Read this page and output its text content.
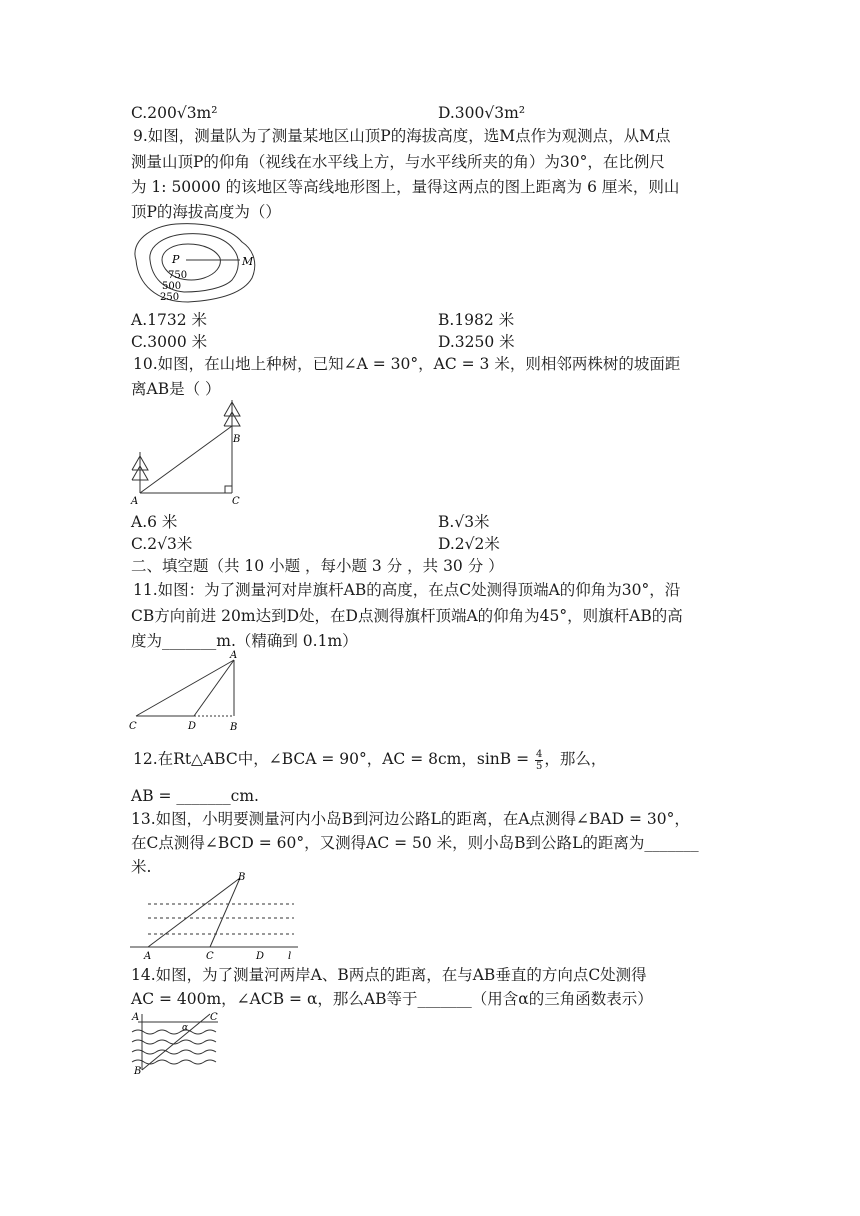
C.200√3m²	D.300√3m²
9.如图，测量队为了测量某地区山顶P的海拔高度，选M点作为观测点，从M点
测量山顶P的仰角（视线在水平线上方，与水平线所夹的角）为30°，在比例尺
为 1: 50000 的该地区等高线地形图上，量得这两点的图上距离为 6 厘米，则山
顶P的海拔高度为（）
P	M
750
500
250
A.1732 米	B.1982 米
C.3000 米	D.3250 米
10.如图，在山地上种树，已知∠A = 30°，AC = 3 米，则相邻两株树的坡面距
离AB是（ ）
A
B
C
A.6 米	B.√3米
C.2√3米	D.2√2米
二、填空题（共 10 小题 ，每小题 3 分 ，共 30 分 ）
11.如图：为了测量河对岸旗杆AB的高度，在点C处测得顶端A的仰角为30°，沿
CB方向前进 20m达到D处，在D点测得旗杆顶端A的仰角为45°，则旗杆AB的高
度为_______m.（精确到 0.1m）
A
B
C	D
12.在Rt△ABC中，∠BCA = 90°，AC = 8cm，$\sin B = \frac{4}{5}$ ，那么，
AB = _______cm.
13.如图，小明要测量河内小岛B到河边公路L的距离，在A点测得∠BAD = 30°，
在C点测得∠BCD = 60°，又测得AC = 50 米，则小岛B到公路L的距离为_______
米.
B
A	C	D l
14.如图，为了测量河两岸A、B两点的距离，在与AB垂直的方向点C处测得
AC = 400m，∠ACB = α，那么AB等于_______（用含α的三角函数表示）
A	C
α
B
